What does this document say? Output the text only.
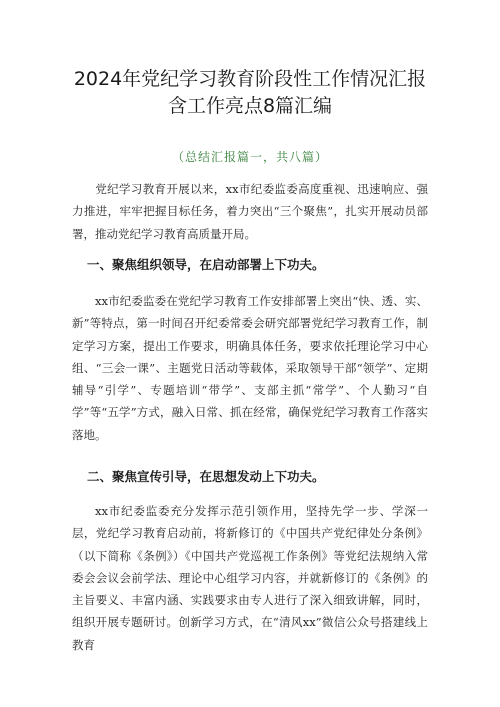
2024年党纪学习教育阶段性工作情况汇报
含工作亮点8篇汇编
（总结汇报篇一，共八篇）

党纪学习教育开展以来，xx市纪委监委高度重视、迅速响应、强力推进，牢牢把握目标任务，着力突出“三个聚焦”，扎实开展动员部署，推动党纪学习教育高质量开局。

一、聚焦组织领导，在启动部署上下功夫。

xx市纪委监委在党纪学习教育工作安排部署上突出“快、透、实、新”等特点，第一时间召开纪委常委会研究部署党纪学习教育工作，制定学习方案，提出工作要求，明确具体任务，要求依托理论学习中心组、“三会一课”、主题党日活动等载体，采取领导干部“领学”、定期辅导“引学”、专题培训“带学”、支部主抓“常学”、个人勤习“自学”等“五学”方式，融入日常、抓在经常，确保党纪学习教育工作落实落地。

二、聚焦宣传引导，在思想发动上下功夫。

xx市纪委监委充分发挥示范引领作用，坚持先学一步、学深一层，党纪学习教育启动前，将新修订的《中国共产党纪律处分条例》（以下简称《条例》）《中国共产党巡视工作条例》等党纪法规纳入常委会会议会前学法、理论中心组学习内容，并就新修订的《条例》的主旨要义、丰富内涵、实践要求由专人进行了深入细致讲解，同时，组织开展专题研讨。创新学习方式，在“清风xx”微信公众号搭建线上教育
